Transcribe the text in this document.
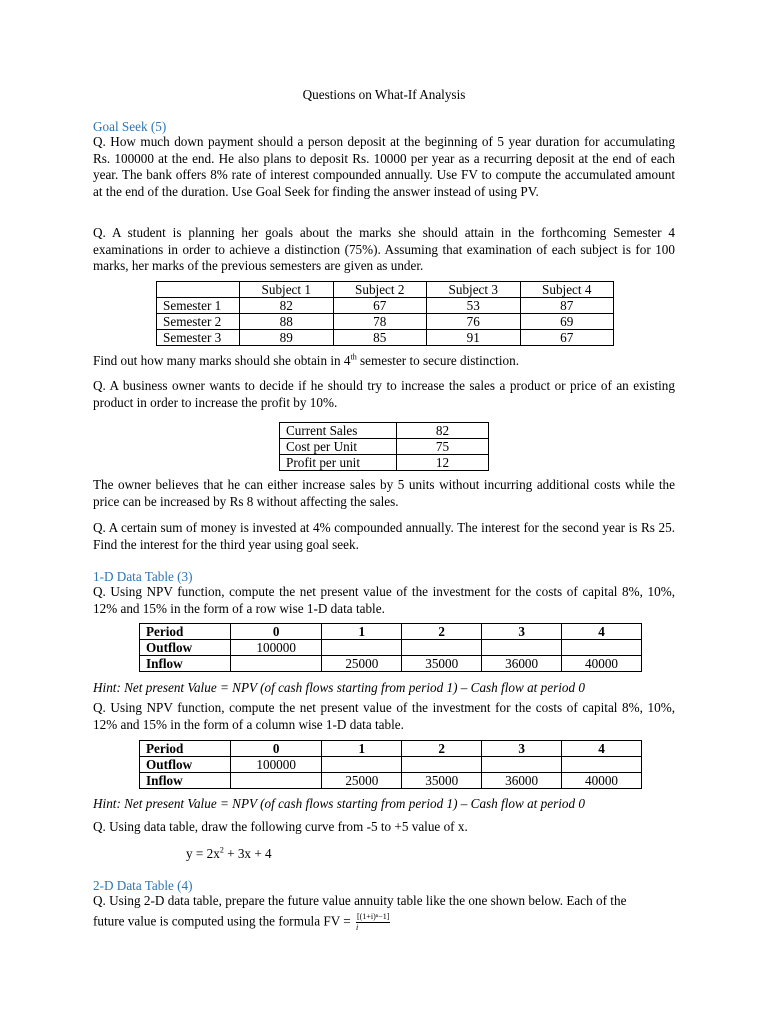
Questions on What-If Analysis
Goal Seek (5)

Q. How much down payment should a person deposit at the beginning of 5 year duration for accumulating Rs. 100000 at the end. He also plans to deposit Rs. 10000 per year as a recurring deposit at the end of each year. The bank offers 8% rate of interest compounded annually. Use FV to compute the accumulated amount at the end of the duration. Use Goal Seek for finding the answer instead of using PV.

Q. A student is planning her goals about the marks she should attain in the forthcoming Semester 4 examinations in order to achieve a distinction (75%). Assuming that examination of each subject is for 100 marks, her marks of the previous semesters are given as under.

	Subject 1	Subject 2	Subject 3	Subject 4
Semester 1	82	67	53	87
Semester 2	88	78	76	69
Semester 3	89	85	91	67

Find out how many marks should she obtain in 4th semester to secure distinction.

Q. A business owner wants to decide if he should try to increase the sales a product or price of an existing product in order to increase the profit by 10%.

Current Sales	82
Cost per Unit	75
Profit per unit	12

The owner believes that he can either increase sales by 5 units without incurring additional costs while the price can be increased by Rs 8 without affecting the sales.

Q. A certain sum of money is invested at 4% compounded annually. The interest for the second year is Rs 25. Find the interest for the third year using goal seek.

1-D Data Table (3)

Q. Using NPV function, compute the net present value of the investment for the costs of capital 8%, 10%, 12% and 15% in the form of a row wise 1-D data table.

Period	0	1	2	3	4
Outflow	100000				
Inflow		25000	35000	36000	40000

Hint: Net present Value = NPV (of cash flows starting from period 1) – Cash flow at period 0

Q. Using NPV function, compute the net present value of the investment for the costs of capital 8%, 10%, 12% and 15% in the form of a column wise 1-D data table.

Period	0	1	2	3	4
Outflow	100000				
Inflow		25000	35000	36000	40000

Hint: Net present Value = NPV (of cash flows starting from period 1) – Cash flow at period 0

Q. Using data table, draw the following curve from -5 to +5 value of x.

$y = 2x^2 + 3x + 4$
2-D Data Table (4)

Q. Using 2-D data table, prepare the future value annuity table like the one shown below. Each of the

future value is computed using the formula FV = $\frac{\text{[(1+i)ⁿ−1]}}{i}$
